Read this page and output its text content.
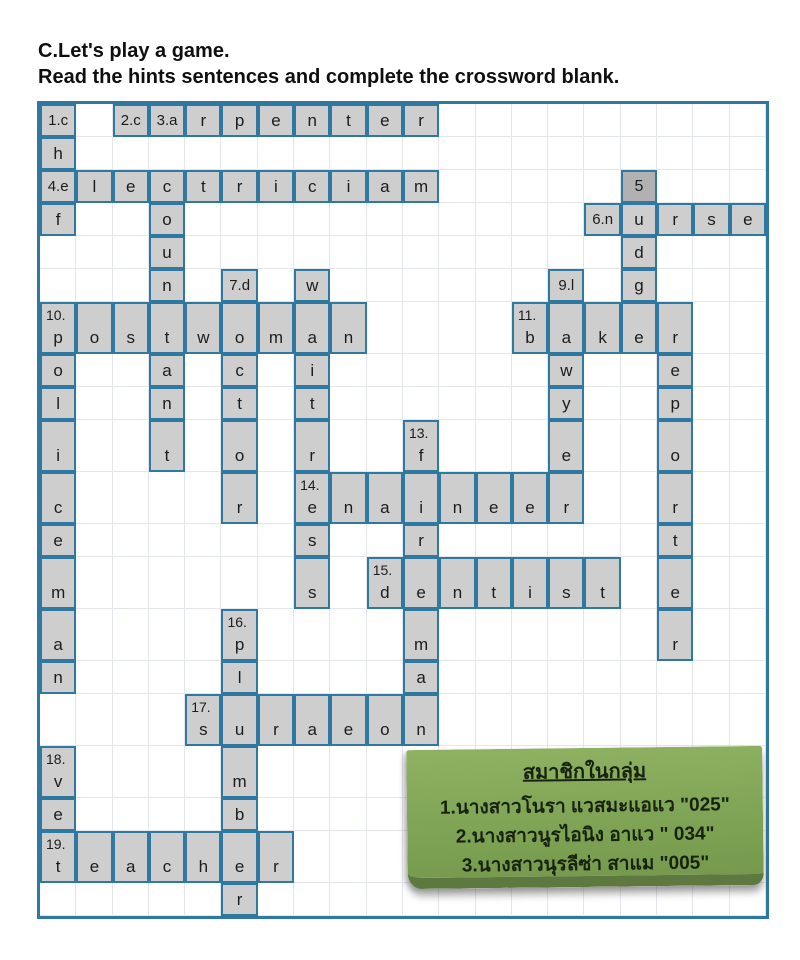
C.Let's play a game.
Read the hints sentences and complete the crossword blank.
1.c	2.c 3.a r p e n t e r
h
4.e l e c t r i c i a m	5
f	o	6.n u r s e
u	d
n	7.d	w	9.l	g
10.
p o s t w o m a n
11.
b a k e r
o	a	c	i	w	e
l	n	t	t	y	p
i	t	o	r
13.
f	e	o
c	r
14.
e n a i n e e r	r
e	s	r	t
m	s
15.
d e n t i s t	e
a
16.
p	m	r
n	l	a
17.
s u r a e o n
18.
v	m
e	b
19.
t e a c h e r
r
สมาชิกในกลุ่ม
1.นางสาวโนรา แวสมะแอแว "025"
2.นางสาวนูรไอนิง อาแว " 034"
3.นางสาวนุรลีซ่า สาแม "005"
